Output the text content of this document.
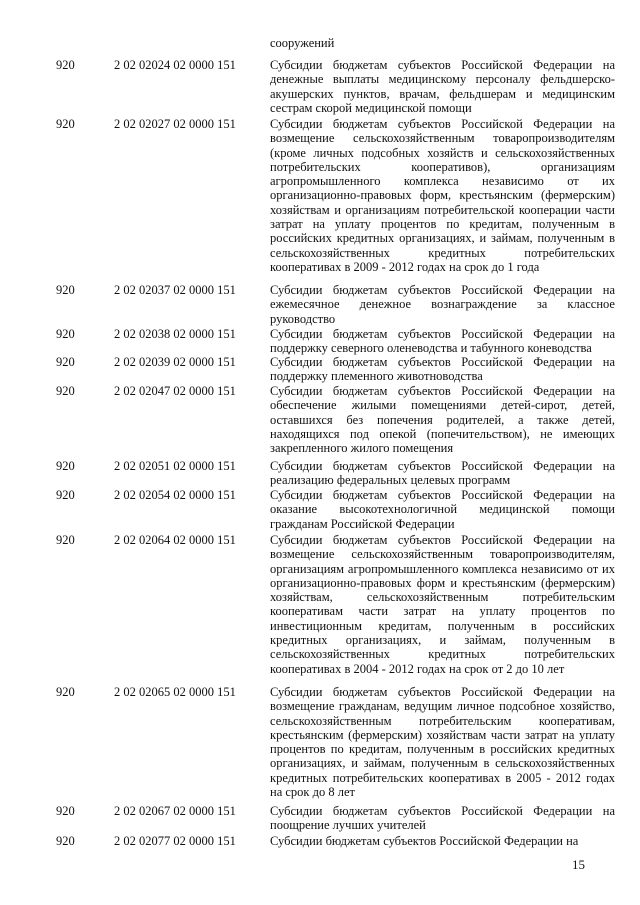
сооружений
920	2 02 02024 02 0000 151	Субсидии бюджетам субъектов Российской Федерации на денежные выплаты медицинскому персоналу фельдшерско-акушерских пунктов, врачам, фельдшерам и медицинским сестрам скорой медицинской помощи
920	2 02 02027 02 0000 151	Субсидии бюджетам субъектов Российской Федерации на возмещение сельскохозяйственным товаропроизводителям (кроме личных подсобных хозяйств и сельскохозяйственных потребительских кооперативов), организациям агропромышленного комплекса независимо от их организационно-правовых форм, крестьянским (фермерским) хозяйствам и организациям потребительской кооперации части затрат на уплату процентов по кредитам, полученным в российских кредитных организациях, и займам, полученным в сельскохозяйственных кредитных потребительских кооперативах в 2009 - 2012 годах на срок до 1 года
920	2 02 02037 02 0000 151	Субсидии бюджетам субъектов Российской Федерации на ежемесячное денежное вознаграждение за классное руководство
920	2 02 02038 02 0000 151	Субсидии бюджетам субъектов Российской Федерации на поддержку северного оленеводства и табунного коневодства
920	2 02 02039 02 0000 151	Субсидии бюджетам субъектов Российской Федерации на поддержку племенного животноводства
920	2 02 02047 02 0000 151	Субсидии бюджетам субъектов Российской Федерации на обеспечение жилыми помещениями детей-сирот, детей, оставшихся без попечения родителей, а также детей, находящихся под опекой (попечительством), не имеющих закрепленного жилого помещения
920	2 02 02051 02 0000 151	Субсидии бюджетам субъектов Российской Федерации на реализацию федеральных целевых программ
920	2 02 02054 02 0000 151	Субсидии бюджетам субъектов Российской Федерации на оказание высокотехнологичной медицинской помощи гражданам Российской Федерации
920	2 02 02064 02 0000 151	Субсидии бюджетам субъектов Российской Федерации на возмещение сельскохозяйственным товаропроизводителям, организациям агропромышленного комплекса независимо от их организационно-правовых форм и крестьянским (фермерским) хозяйствам, сельскохозяйственным потребительским кооперативам части затрат на уплату процентов по инвестиционным кредитам, полученным в российских кредитных организациях, и займам, полученным в сельскохозяйственных кредитных потребительских кооперативах в 2004 - 2012 годах на срок от 2 до 10 лет
920	2 02 02065 02 0000 151	Субсидии бюджетам субъектов Российской Федерации на возмещение гражданам, ведущим личное подсобное хозяйство, сельскохозяйственным потребительским кооперативам, крестьянским (фермерским) хозяйствам части затрат на уплату процентов по кредитам, полученным в российских кредитных организациях, и займам, полученным в сельскохозяйственных кредитных потребительских кооперативах в 2005 - 2012 годах на срок до 8 лет
920	2 02 02067 02 0000 151	Субсидии бюджетам субъектов Российской Федерации на поощрение лучших учителей
920	2 02 02077 02 0000 151	Субсидии бюджетам субъектов Российской Федерации на
15
